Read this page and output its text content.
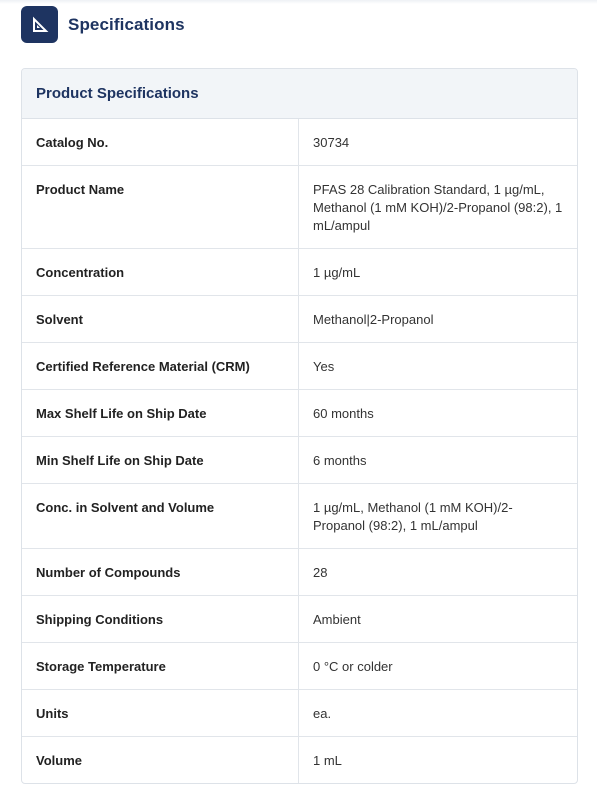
Specifications
Product Specifications
Catalog No.	30734
Product Name	PFAS 28 Calibration Standard, 1 µg/mL, Methanol (1 mM KOH)/2-Propanol (98:2), 1 mL/ampul
Concentration	1 µg/mL
Solvent	Methanol|2-Propanol
Certified Reference Material (CRM)	Yes
Max Shelf Life on Ship Date	60 months
Min Shelf Life on Ship Date	6 months
Conc. in Solvent and Volume	1 µg/mL, Methanol (1 mM KOH)/2-Propanol (98:2), 1 mL/ampul
Number of Compounds	28
Shipping Conditions	Ambient
Storage Temperature	0 °C or colder
Units	ea.
Volume	1 mL
